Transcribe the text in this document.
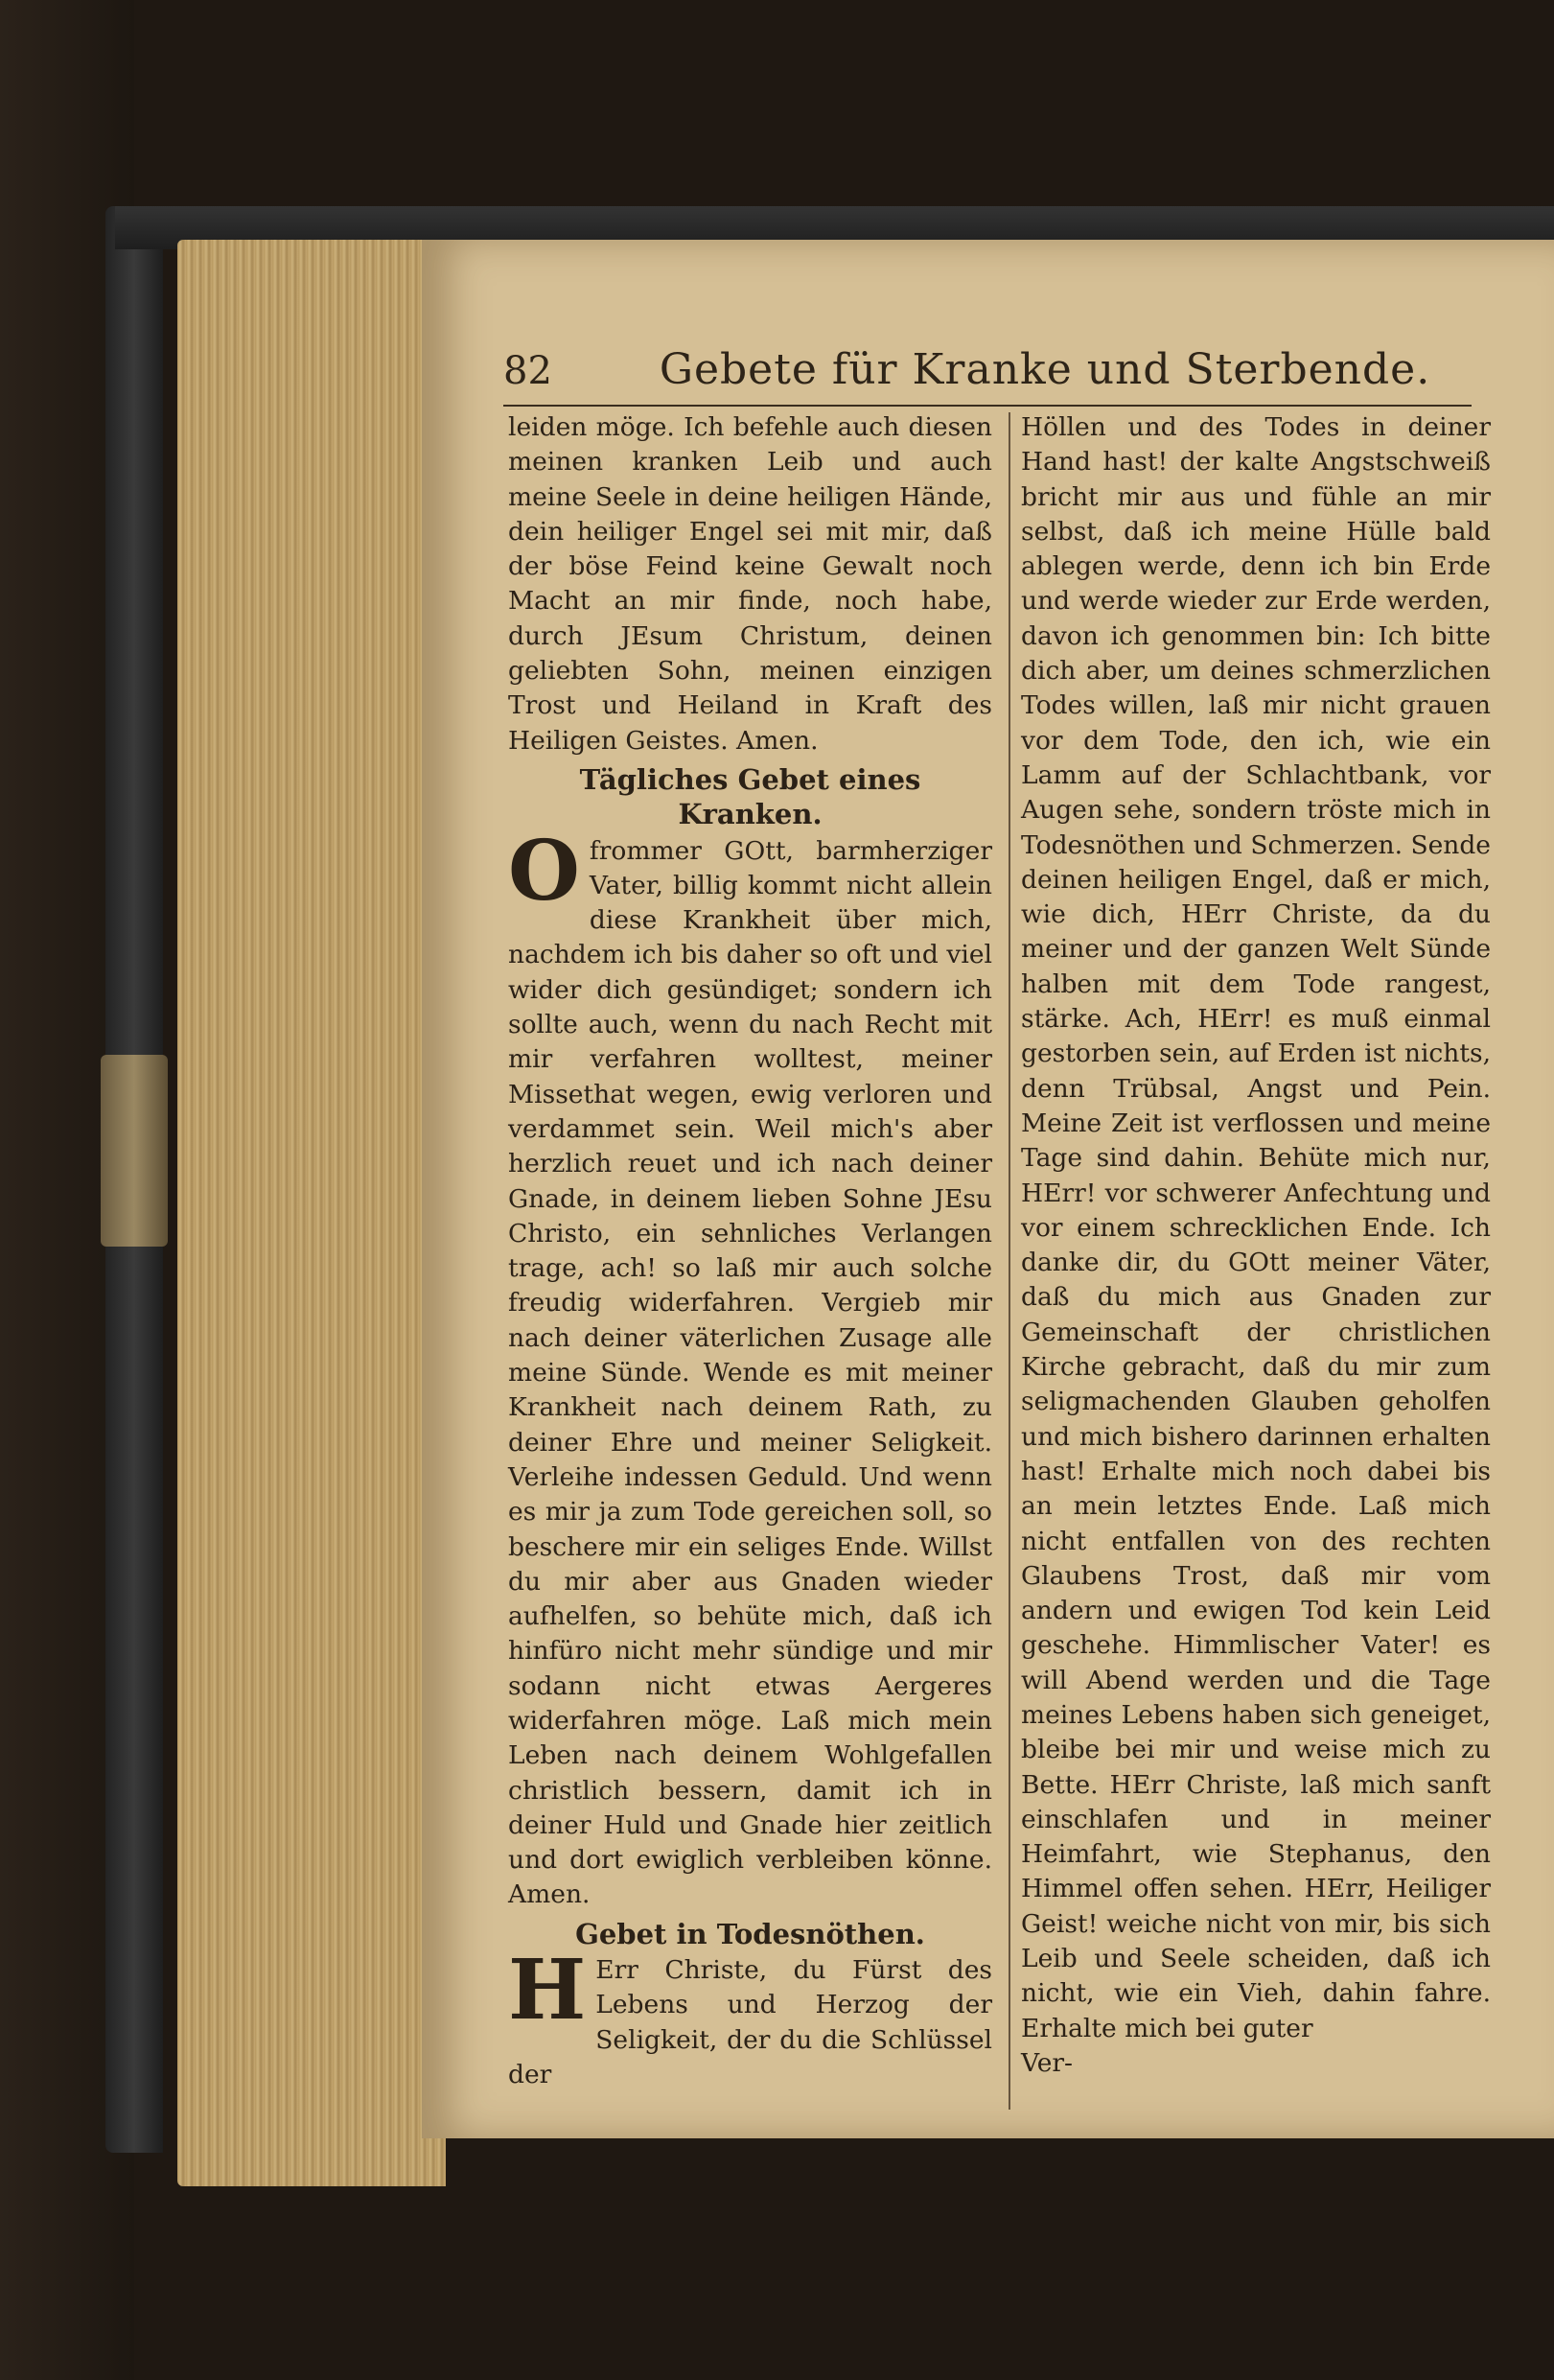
82	Gebete für Kranke und Sterbende.

leiden möge. Ich befehle auch diesen meinen kranken Leib und auch meine Seele in deine heiligen Hände, dein heiliger Engel sei mit mir, daß der böse Feind keine Gewalt noch Macht an mir finde, noch habe, durch JEsum Christum, deinen geliebten Sohn, meinen einzigen Trost und Heiland in Kraft des Heiligen Geistes. Amen.

Tägliches Gebet eines Kranken.

Ofrommer GOtt, barmherziger Vater, billig kommt nicht allein diese Krankheit über mich, nachdem ich bis daher so oft und viel wider dich gesündiget; sondern ich sollte auch, wenn du nach Recht mit mir verfahren wolltest, meiner Missethat wegen, ewig verloren und verdammet sein. Weil mich's aber herzlich reuet und ich nach deiner Gnade, in deinem lieben Sohne JEsu Christo, ein sehnliches Verlangen trage, ach! so laß mir auch solche freudig widerfahren. Vergieb mir nach deiner väterlichen Zusage alle meine Sünde. Wende es mit meiner Krankheit nach deinem Rath, zu deiner Ehre und meiner Seligkeit. Verleihe indessen Geduld. Und wenn es mir ja zum Tode gereichen soll, so beschere mir ein seliges Ende. Willst du mir aber aus Gnaden wieder aufhelfen, so behüte mich, daß ich hinfüro nicht mehr sündige und mir sodann nicht etwas Aergeres widerfahren möge. Laß mich mein Leben nach deinem Wohlgefallen christlich bessern, damit ich in deiner Huld und Gnade hier zeitlich und dort ewiglich verbleiben könne. Amen.

Gebet in Todesnöthen.

H Err Christe, du Fürst des Lebens und Herzog der Seligkeit, der du die Schlüssel der

Höllen und des Todes in deiner Hand hast! der kalte Angstschweiß bricht mir aus und fühle an mir selbst, daß ich meine Hülle bald ablegen werde, denn ich bin Erde und werde wieder zur Erde werden, davon ich genommen bin: Ich bitte dich aber, um deines schmerzlichen Todes willen, laß mir nicht grauen vor dem Tode, den ich, wie ein Lamm auf der Schlachtbank, vor Augen sehe, sondern tröste mich in Todesnöthen und Schmerzen. Sende deinen heiligen Engel, daß er mich, wie dich, HErr Christe, da du meiner und der ganzen Welt Sünde halben mit dem Tode rangest, stärke. Ach, HErr! es muß einmal gestorben sein, auf Erden ist nichts, denn Trübsal, Angst und Pein. Meine Zeit ist verflossen und meine Tage sind dahin. Behüte mich nur, HErr! vor schwerer Anfechtung und vor einem schrecklichen Ende. Ich danke dir, du GOtt meiner Väter, daß du mich aus Gnaden zur Gemeinschaft der christlichen Kirche gebracht, daß du mir zum seligmachenden Glauben geholfen und mich bishero darinnen erhalten hast! Erhalte mich noch dabei bis an mein letztes Ende. Laß mich nicht entfallen von des rechten Glaubens Trost, daß mir vom andern und ewigen Tod kein Leid geschehe. Himmlischer Vater! es will Abend werden und die Tage meines Lebens haben sich geneiget, bleibe bei mir und weise mich zu Bette. HErr Christe, laß mich sanft einschlafen und in meiner Heimfahrt, wie Stephanus, den Himmel offen sehen. HErr, Heiliger Geist! weiche nicht von mir, bis sich Leib und Seele scheiden, daß ich nicht, wie ein Vieh, dahin fahre. Erhalte mich bei guter

Ver-
